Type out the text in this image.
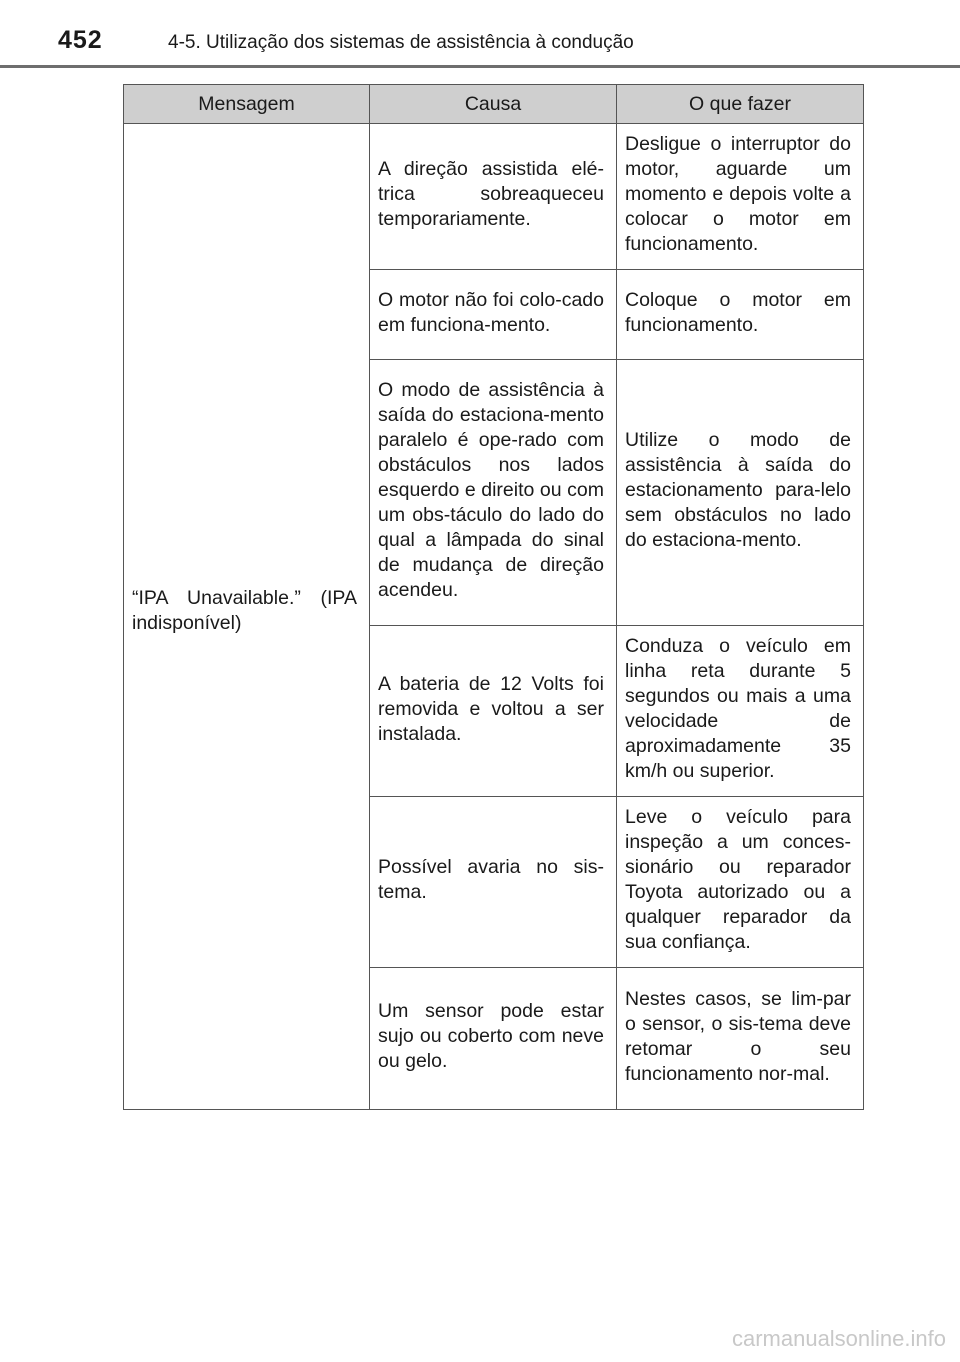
452	4-5. Utilização dos sistemas de assistência à condução
Mensagem	Causa	O que fazer

“IPA Unavailable.” (IPA indisponível)	A direção assistida elé-trica sobreaqueceu temporariamente.	Desligue o interruptor do motor, aguarde um momento e depois volte a colocar o motor em funcionamento.

	O motor não foi colo-cado em funciona-mento.	Coloque o motor em funcionamento.

	O modo de assistência à saída do estaciona-mento paralelo é ope-rado com obstáculos nos lados esquerdo e direito ou com um obs-táculo do lado do qual a lâmpada do sinal de mudança de direção acendeu.	Utilize o modo de assistência à saída do estacionamento para-lelo sem obstáculos no lado do estaciona-mento.

	A bateria de 12 Volts foi removida e voltou a ser instalada.	Conduza o veículo em linha reta durante 5 segundos ou mais a uma velocidade de aproximadamente 35 km/h ou superior.

	Possível avaria no sis-tema.	Leve o veículo para inspeção a um conces-sionário ou reparador Toyota autorizado ou a qualquer reparador da sua confiança.

	Um sensor pode estar sujo ou coberto com neve ou gelo.	Nestes casos, se lim-par o sensor, o sis-tema deve retomar o seu funcionamento nor-mal.
carmanualsonline.info
